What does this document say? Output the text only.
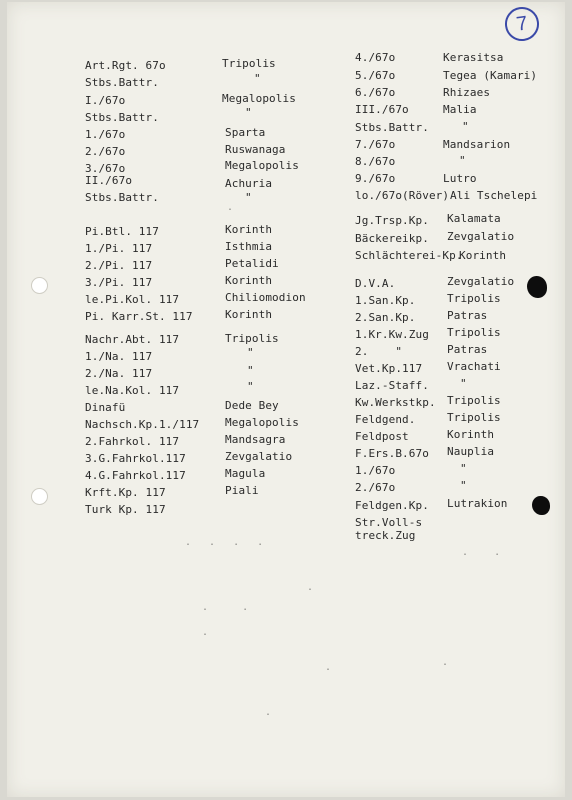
7
Art.Rgt. 67o
Stbs.Battr.
I./67o
Stbs.Battr.
1./67o
2./67o
3./67o
II./67o
Stbs.Battr.
Pi.Btl. 117
1./Pi. 117
2./Pi. 117
3./Pi. 117
le.Pi.Kol. 117
Pi. Karr.St. 117
Nachr.Abt. 117
1./Na. 117
2./Na. 117
le.Na.Kol. 117
Dinafü
Nachsch.Kp.1./117
2.Fahrkol. 117
3.G.Fahrkol.117
4.G.Fahrkol.117
Krft.Kp. 117
Turk Kp. 117
Tripolis
"
Megalopolis
"
Sparta
Ruswanaga
Megalopolis
Achuria
"
Korinth
Isthmia
Petalidi
Korinth
Chiliomodion
Korinth
Tripolis
"
"
"
Dede Bey
Megalopolis
Mandsagra
Zevgalatio
Magula
Piali
4./67o
5./67o
6./67o
III./67o
Stbs.Battr.
7./67o
8./67o
9./67o
lo./67o(Röver)
Jg.Trsp.Kp.
Bäckereikp.
Schlächterei-Kp.
D.V.A.
1.San.Kp.
2.San.Kp.
1.Kr.Kw.Zug
2.    "
Vet.Kp.117
Laz.-Staff.
Kw.Werkstkp.
Feldgend.
Feldpost
F.Ers.B.67o
1./67o
2./67o
Feldgen.Kp.
Str.Voll-streck.Zug
Kerasitsa
Tegea (Kamari)
Rhizaes
Malia
"
Mandsarion
"
Lutro
Ali Tschelepi
Kalamata
Zevgalatio
Korinth
Zevgalatio
Tripolis
Patras
Tripolis
Patras
Vrachati
"
Tripolis
Tripolis
Korinth
Nauplia
"
"
Lutrakion
.
.  .  .  .
.    .
.
.
.   .
.
.
.
